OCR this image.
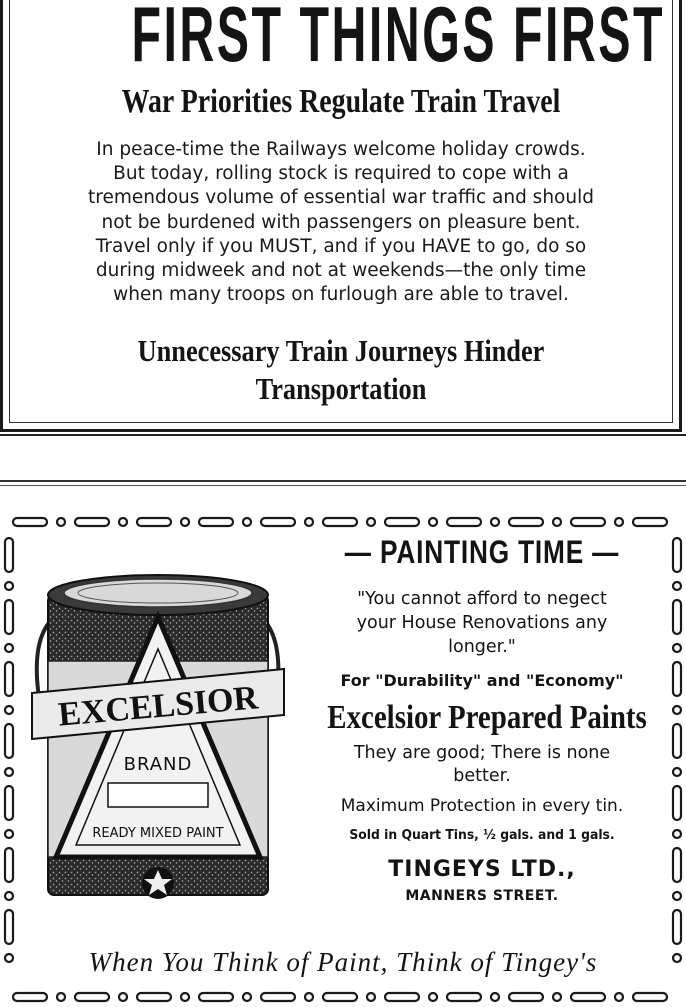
FIRST THINGS FIRST
War Priorities Regulate Train Travel
In peace-time the Railways welcome holiday crowds.
But today, rolling stock is required to cope with a
tremendous volume of essential war traffic and should
not be burdened with passengers on pleasure bent.
Travel only if you MUST, and if you HAVE to go, do so
during midweek and not at weekends—the only time
when many troops on furlough are able to travel.
Unnecessary Train Journeys Hinder
Transportation
EXCELSIOR
BRAND
READY MIXED PAINT
— PAINTING TIME —
"You cannot afford to negect
your House Renovations any
longer."
For "Durability" and "Economy"
Excelsior Prepared Paints
They are good; There is none
better.
Maximum Protection in every tin.
Sold in Quart Tins, ½ gals. and 1 gals.
TINGEYS LTD.,
MANNERS STREET.
When You Think of Paint, Think of Tingey's
